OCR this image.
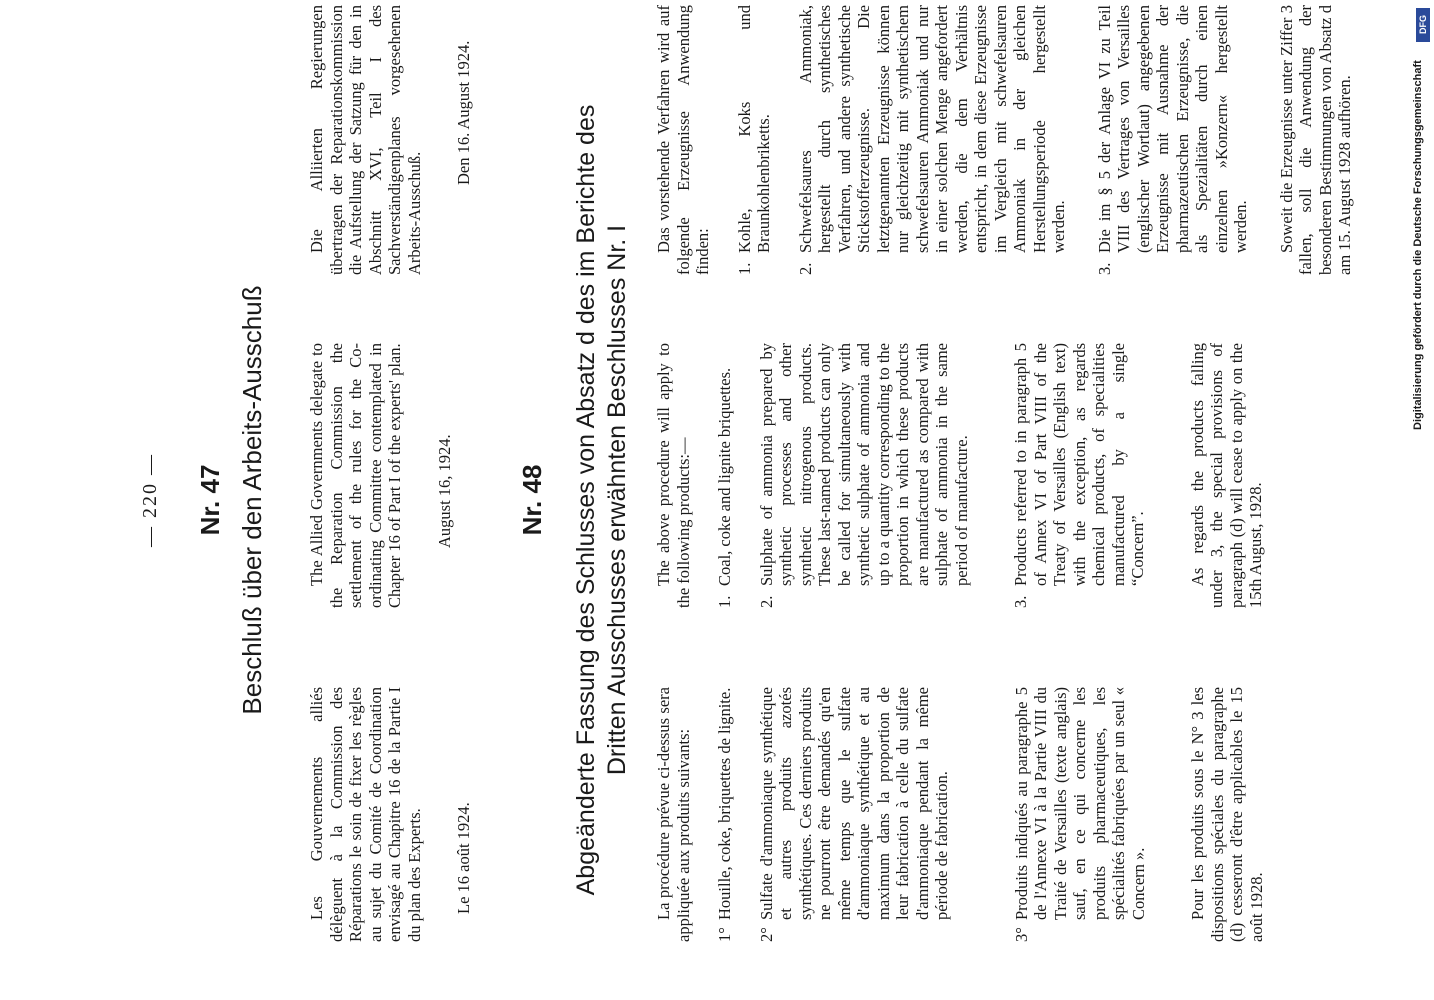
— 220 — Nr. 47 Beschluß über den Arbeits-Ausschuß

Les Gouvernements alliés délèguent à la Commission des Réparations le soin de fixer les règles au sujet du Comité de Coordination envisagé au Chapitre 16 de la Partie I du plan des Experts. Le 16 août 1924.

The Allied Governments delegate to the Reparation Commission the settlement of the rules for the Co-ordinating Committee contemplated in Chapter 16 of Part I of the experts' plan. August 16, 1924.

Die Alliierten Regierungen übertragen der Reparationskommission die Aufstellung der Satzung für den in Abschnitt XVI, Teil I des Sachverständigenplanes vorgesehenen Arbeits-Ausschuß.

Den 16. August 1924.

Nr. 48 Abgeänderte Fassung des Schlusses von Absatz d des im Berichte des Dritten Ausschusses erwähnten Beschlusses Nr. I

La procédure prévue ci-dessus sera appliquée aux produits suivants: 1°
Houille, coke, briquettes de lignite.
2°
Sulfate d'ammoniaque synthétique et autres produits azotés synthétiques. Ces derniers produits ne pourront être demandés qu'en même temps que le sulfate d'ammoniaque synthétique et au maximum dans la proportion de leur fabrication à celle du sulfate d'ammoniaque pendant la même période de fabrication.
3°
Produits indiqués au paragraphe 5 de l'Annexe VI à la Partie VIII du Traité de Versailles (texte anglais) sauf, en ce qui concerne les produits pharmaceutiques, les spécialités fabriquées par un seul « Concern ». Pour les produits sous le N° 3 les dispositions spéciales du paragraphe (d) cesseront d'être applicables le 15 août 1928.

The above procedure will apply to the following products:— 1.
Coal, coke and lignite briquettes.
2.
Sulphate of ammonia prepared by synthetic processes and other synthetic nitrogenous products. These last-named products can only be called for simultaneously with synthetic sulphate of ammonia and up to a quantity corresponding to the proportion in which these products are manufactured as compared with sulphate of ammonia in the same period of manufacture.
3.
Products referred to in paragraph 5 of Annex VI of Part VIII of the Treaty of Versailles (English text) with the exception, as regards chemical products, of specialities manufactured by a single “Concern”. As regards the products falling under 3, the special provisions of paragraph (d) will cease to apply on the 15th August, 1928.

Das vorstehende Verfahren wird auf folgende Erzeugnisse Anwendung finden: 1.
Kohle, Koks und Braunkohlenbriketts.
2.
Schwefelsaures Ammoniak, hergestellt durch synthetisches Verfahren, und andere synthetische Stickstofferzeugnisse. Die letztgenannten Erzeugnisse können nur gleichzeitig mit synthetischem schwefelsauren Ammoniak und nur in einer solchen Menge angefordert werden, die dem Verhältnis entspricht, in dem diese Erzeugnisse im Vergleich mit schwefelsauren Ammoniak in der gleichen Herstellungsperiode hergestellt werden.
3.
Die im § 5 der Anlage VI zu Teil VIII des Vertrages von Versailles (englischer Wortlaut) angegebenen Erzeugnisse mit Ausnahme der pharmazeutischen Erzeugnisse, die als Spezialitäten durch einen einzelnen »Konzern« hergestellt werden. Soweit die Erzeugnisse unter Ziffer 3 fallen, soll die Anwendung der besonderen Bestimmungen von Absatz d am 15. August 1928 aufhören.

DFG
Digitalisierung gefördert durch die Deutsche Forschungsgemeinschaft
